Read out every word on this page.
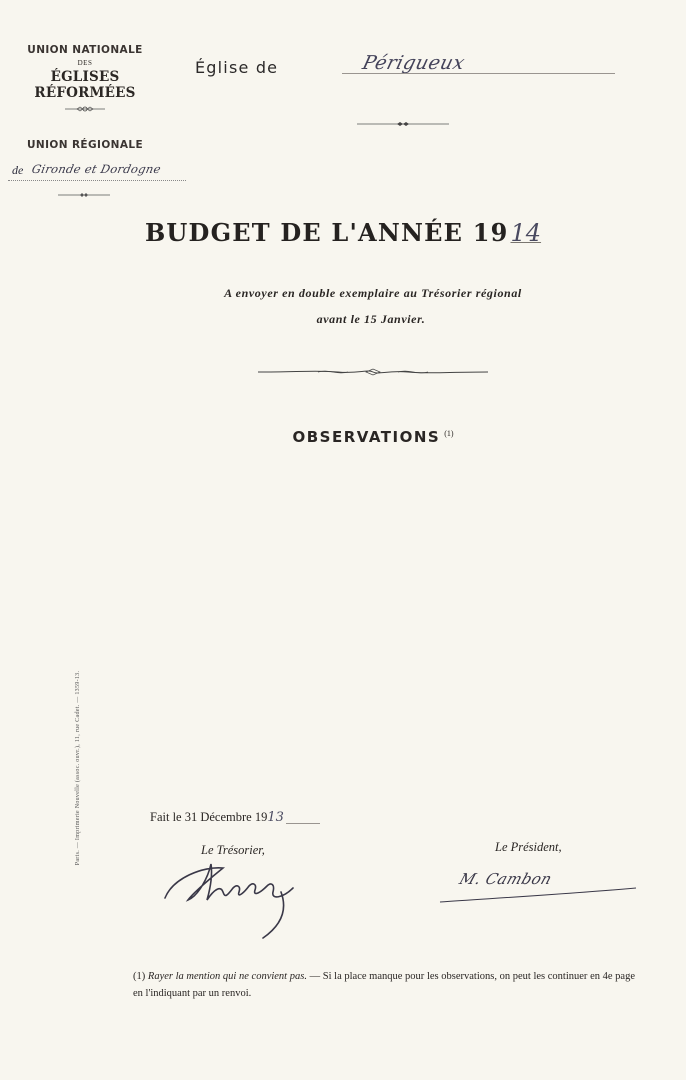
UNION NATIONALE
DES
ÉGLISES RÉFORMÉES
UNION RÉGIONALE
de Gironde et Dordogne
Église de	Périgueux
BUDGET DE L'ANNÉE 1914
A envoyer en double exemplaire au Trésorier régional
avant le 15 Janvier.
OBSERVATIONS $^{(1)}$
Fait le 31 Décembre 1913
Le Trésorier,	Le Président,
M. Cambon
(1) Rayer la mention qui ne convient pas. — Si la place manque pour les observations, on peut les continuer en 4e page en l'indiquant par un renvoi.
Paris. — Imprimerie Nouvelle (assoc. ouvr.), 11, rue Cadet. — 1359-13.
